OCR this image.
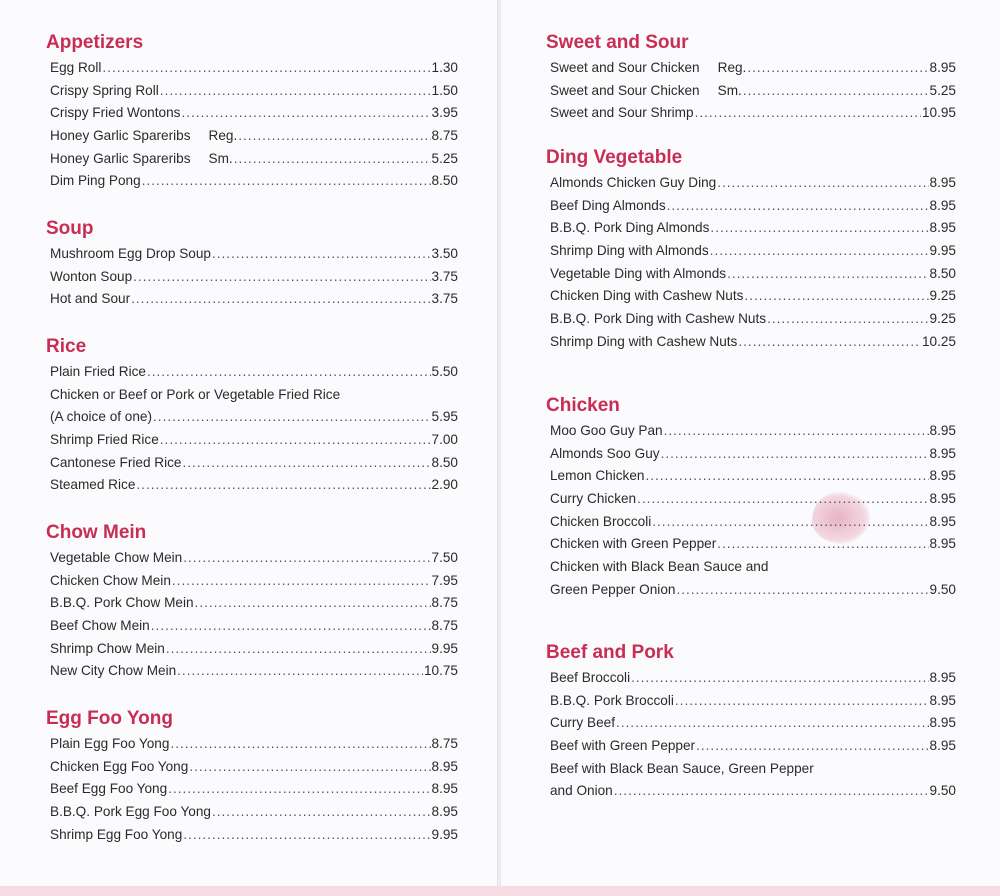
Appetizers
Egg Roll .....	1.30
Crispy Spring Roll .....	1.50
Crispy Fried Wontons .....	3.95
Honey Garlic Spareribs Reg. .....	8.75
Honey Garlic Spareribs Sm. .....	5.25
Dim Ping Pong .....	8.50
Soup
Mushroom Egg Drop Soup .....	3.50
Wonton Soup .....	3.75
Hot and Sour .....	3.75
Rice
Plain Fried Rice .....	5.50
Chicken or Beef or Pork or Vegetable Fried Rice
(A choice of one) .....	5.95
Shrimp Fried Rice .....	7.00
Cantonese Fried Rice .....	8.50
Steamed Rice .....	2.90
Chow Mein
Vegetable Chow Mein .....	7.50
Chicken Chow Mein .....	7.95
B.B.Q. Pork Chow Mein .....	8.75
Beef Chow Mein .....	8.75
Shrimp Chow Mein .....	9.95
New City Chow Mein .....	10.75
Egg Foo Yong
Plain Egg Foo Yong .....	8.75
Chicken Egg Foo Yong .....	8.95
Beef Egg Foo Yong .....	8.95
B.B.Q. Pork Egg Foo Yong .....	8.95
Shrimp Egg Foo Yong .....	9.95
Sweet and Sour
Sweet and Sour Chicken Reg. .....	8.95
Sweet and Sour Chicken Sm. .....	5.25
Sweet and Sour Shrimp .....	10.95
Ding Vegetable
Almonds Chicken Guy Ding .....	8.95
Beef Ding Almonds .....	8.95
B.B.Q. Pork Ding Almonds .....	8.95
Shrimp Ding with Almonds .....	9.95
Vegetable Ding with Almonds .....	8.50
Chicken Ding with Cashew Nuts .....	9.25
B.B.Q. Pork Ding with Cashew Nuts .....	9.25
Shrimp Ding with Cashew Nuts .....	10.25
Chicken
Moo Goo Guy Pan .....	8.95
Almonds Soo Guy .....	8.95
Lemon Chicken .....	8.95
Curry Chicken .....	8.95
Chicken Broccoli .....	8.95
Chicken with Green Pepper .....	8.95
Chicken with Black Bean Sauce and
Green Pepper Onion .....	9.50
Beef and Pork
Beef Broccoli .....	8.95
B.B.Q. Pork Broccoli .....	8.95
Curry Beef .....	8.95
Beef with Green Pepper .....	8.95
Beef with Black Bean Sauce, Green Pepper
and Onion .....	9.50
